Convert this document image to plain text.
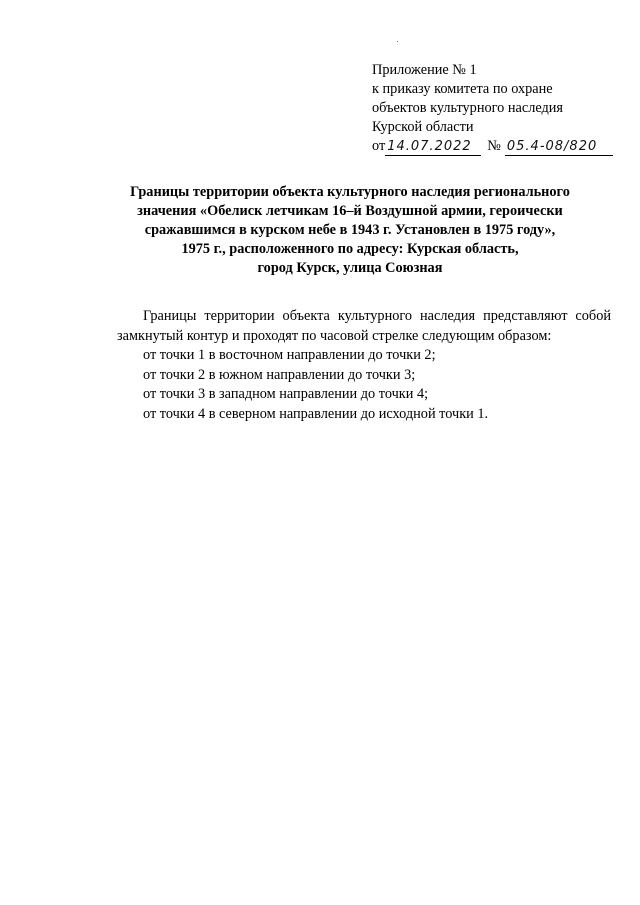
Приложение № 1
к приказу комитета по охране
объектов культурного наследия
Курской области
от 14.07.2022	№ 05.4-08/820
Границы территории объекта культурного наследия регионального
значения «Обелиск летчикам 16–й Воздушной армии, героически
сражавшимся в курском небе в 1943 г. Установлен в 1975 году»,
1975 г., расположенного по адресу: Курская область,
город Курск, улица Союзная
Границы территории объекта культурного наследия представляют собой замкнутый контур и проходят по часовой стрелке следующим образом:
от точки 1 в восточном направлении до точки 2;
от точки 2 в южном направлении до точки 3;
от точки 3 в западном направлении до точки 4;
от точки 4 в северном направлении до исходной точки 1.
